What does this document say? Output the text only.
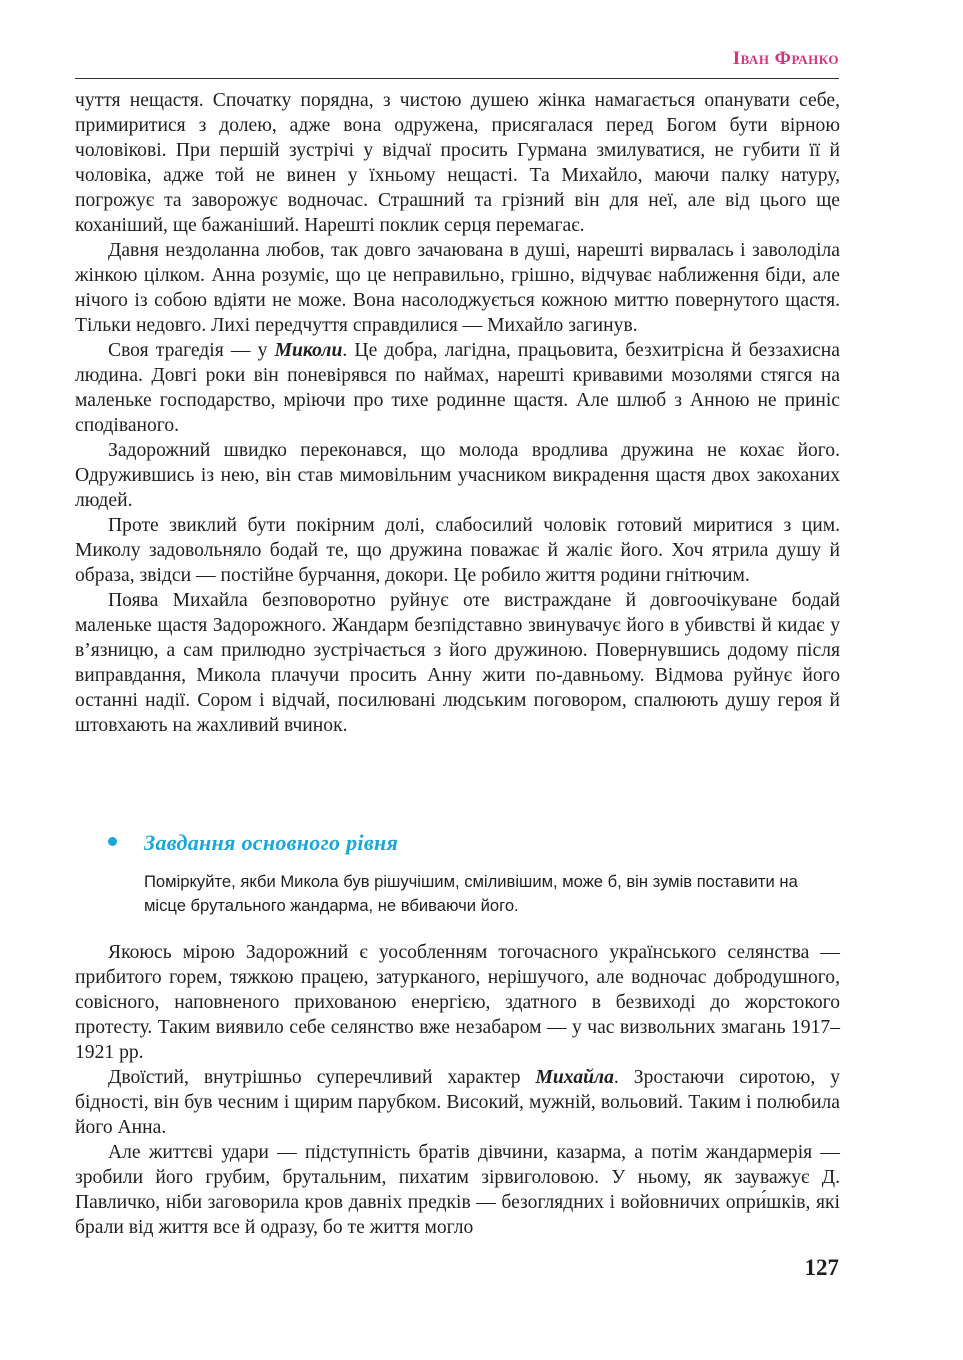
Іван Франко

чуття нещастя. Спочатку порядна, з чистою душею жінка намагається опанувати себе, примиритися з долею, адже вона одружена, присягалася перед Богом бути вірною чоловікові. При першій зустрічі у відчаї просить Гурмана змилуватися, не губити її й чоловіка, адже той не винен у їхньому нещасті. Та Михайло, маючи палку натуру, погрожує та заворожує водночас. Страшний та грізний він для неї, але від цього ще коханіший, ще бажаніший. Нарешті поклик серця перемагає.

Давня нездоланна любов, так довго зачаювана в душі, нарешті вирвалась і заволоділа жінкою цілком. Анна розуміє, що це неправильно, грішно, відчуває наближення біди, але нічого із собою вдіяти не може. Вона насолоджується кожною миттю повернутого щастя. Тільки недовго. Лихі передчуття справдилися — Михайло загинув.

Своя трагедія — у Миколи. Це добра, лагідна, працьовита, безхитрісна й беззахисна людина. Довгі роки він поневірявся по наймах, нарешті кривавими мозолями стягся на маленьке господарство, мріючи про тихе родинне щастя. Але шлюб з Анною не приніс сподіваного.

Задорожний швидко переконався, що молода вродлива дружина не кохає його. Одружившись із нею, він став мимовільним учасником викрадення щастя двох закоханих людей.

Проте звиклий бути покірним долі, слабосилий чоловік готовий миритися з цим. Миколу задовольняло бодай те, що дружина поважає й жаліє його. Хоч ятрила душу й образа, звідси — постійне бурчання, докори. Це робило життя родини гнітючим.

Поява Михайла безповоротно руйнує оте вистраждане й довгоочікуване бодай маленьке щастя Задорожного. Жандарм безпідставно звинувачує його в убивстві й кидає у в’язницю, а сам прилюдно зустрічається з його дружиною. Повернувшись додому після виправдання, Микола плачучи просить Анну жити по-давньому. Відмова руйнує його останні надії. Сором і відчай, посилювані людським поговором, спалюють душу героя й штовхають на жахливий вчинок.

Завдання основного рівня
Поміркуйте, якби Микола був рішучішим, сміливішим, може б, він зумів поставити на місце брутального жандарма, не вбиваючи його.

Якоюсь мірою Задорожний є уособленням тогочасного українського селянства — прибитого горем, тяжкою працею, затурканого, нерішучого, але водночас добродушного, совісного, наповненого прихованою енергією, здатного в безвиході до жорстокого протесту. Таким виявило себе селянство вже незабаром — у час визвольних змагань 1917–1921 рр.

Двоїстий, внутрішньо суперечливий характер Михайла. Зростаючи сиротою, у бідності, він був чесним і щирим парубком. Високий, мужній, вольовий. Таким і полюбила його Анна.

Але життєві удари — підступність братів дівчини, казарма, а потім жандармерія — зробили його грубим, брутальним, пихатим зірвиголовою. У ньому, як зауважує Д. Павличко, ніби заговорила кров давніх предків — безоглядних і войовничих опри́шків, які брали від життя все й одразу, бо те життя могло

127
